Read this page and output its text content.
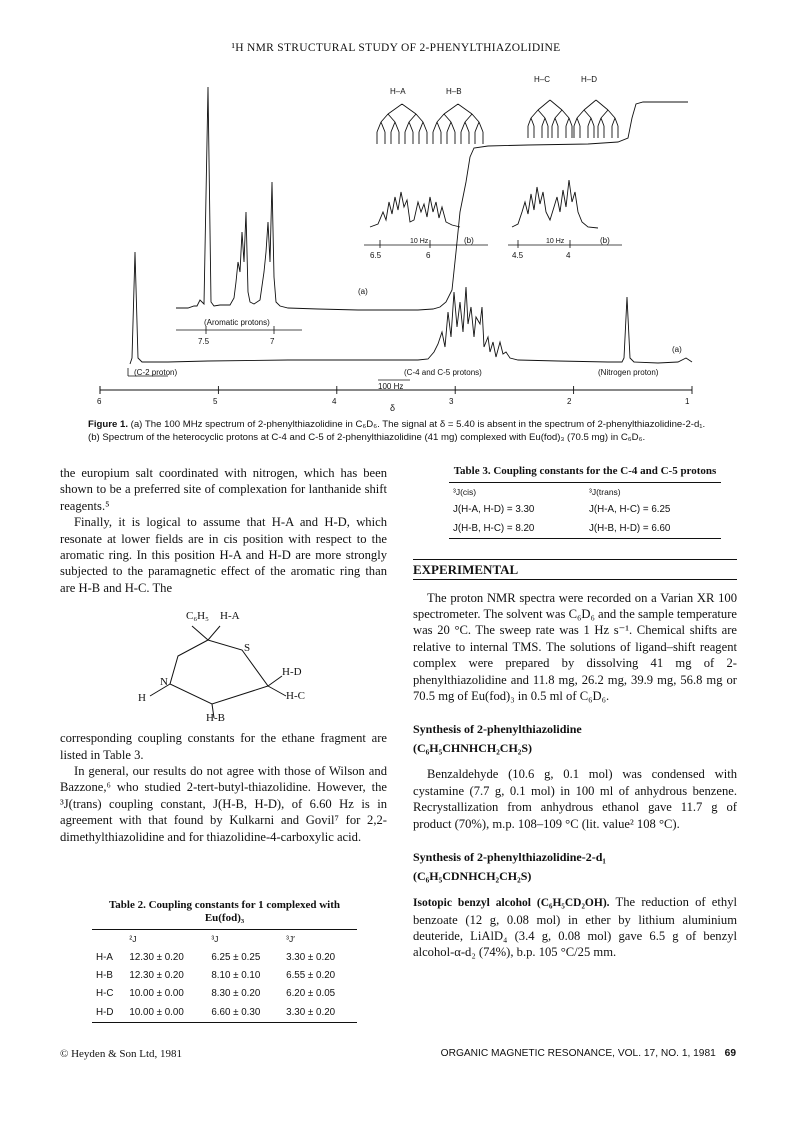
¹H NMR STRUCTURAL STUDY OF 2-PHENYLTHIAZOLIDINE
H–A	H–B
H–C	H–D
10 Hz	(b)
6.5	6
10 Hz	(b)
4.5	4
(a)
(Aromatic protons)
7.5	7
(a)
(C-2 proton)	(C-4 and C-5 protons)
100 Hz
(Nitrogen proton)
6	5	4	3	2	1
δ
Figure 1. (a) The 100 MHz spectrum of 2-phenylthiazolidine in C₆D₆. The signal at δ = 5.40 is absent in the spectrum of 2-phenylthiazolidine-2-d₁. (b) Spectrum of the heterocyclic protons at C-4 and C-5 of 2-phenylthiazolidine (41 mg) complexed with Eu(fod)₃ (70.5 mg) in C₆D₆.

the europium salt coordinated with nitrogen, which has been shown to be a preferred site of complexation for lanthanide shift reagents.⁵

Finally, it is logical to assume that H-A and H-D, which resonate at lower fields are in cis position with respect to the aromatic ring. In this position H-A and H-D are more strongly subjected to the paramagnetic effect of the aromatic ring than are H-B and H-C. The

C₆H₅ H-A
S
H-D
N
H-C
H
H-B

corresponding coupling constants for the ethane fragment are listed in Table 3.

In general, our results do not agree with those of Wilson and Bazzone,⁶ who studied 2-tert-butyl-thiazolidine. However, the ³J(trans) coupling constant, J(H-B, H-D), of 6.60 Hz is in agreement with that found by Kulkarni and Govil⁷ for 2,2-dimethylthiazolidine and for thiazolidine-4-carboxylic acid.

Table 2. Coupling constants for 1 complexed with Eu(fod)₃

	²J	³J	³J′
H-A	12.30 ± 0.20	6.25 ± 0.25	3.30 ± 0.20
H-B	12.30 ± 0.20	8.10 ± 0.10	6.55 ± 0.20
H-C	10.00 ± 0.00	8.30 ± 0.20	6.20 ± 0.05
H-D	10.00 ± 0.00	6.60 ± 0.30	3.30 ± 0.20

Table 3. Coupling constants for the C-4 and C-5 protons

³J(cis)	³J(trans)
J(H-A, H-D) = 3.30	J(H-A, H-C) = 6.25
J(H-B, H-C) = 8.20	J(H-B, H-D) = 6.60

EXPERIMENTAL

The proton NMR spectra were recorded on a Varian XR 100 spectrometer. The solvent was C₆D₆ and the sample temperature was 20 °C. The sweep rate was 1 Hz s⁻¹. Chemical shifts are relative to internal TMS. The solutions of ligand–shift reagent complex were prepared by dissolving 41 mg of 2-phenylthiazolidine and 11.8 mg, 26.2 mg, 39.9 mg, 56.8 mg or 70.5 mg of Eu(fod)₃ in 0.5 ml of C₆D₆.

Synthesis of 2-phenylthiazolidine

(C₆H₅CHNHCH₂CH₂S)

Benzaldehyde (10.6 g, 0.1 mol) was condensed with cystamine (7.7 g, 0.1 mol) in 100 ml of anhydrous benzene. Recrystallization from anhydrous ethanol gave 11.7 g of product (70%), m.p. 108–109 °C (lit. value² 108 °C).

Synthesis of 2-phenylthiazolidine-2-d₁

(C₆H₅CDNHCH₂CH₂S)

Isotopic benzyl alcohol (C₆H₅CD₂OH). The reduction of ethyl benzoate (12 g, 0.08 mol) in ether by lithium aluminium deuteride, LiAlD₄ (3.4 g, 0.08 mol) gave 6.5 g of benzyl alcohol-α-d₂ (74%), b.p. 105 °C/25 mm.

© Heyden & Son Ltd, 1981	ORGANIC MAGNETIC RESONANCE, VOL. 17, NO. 1, 1981 69
